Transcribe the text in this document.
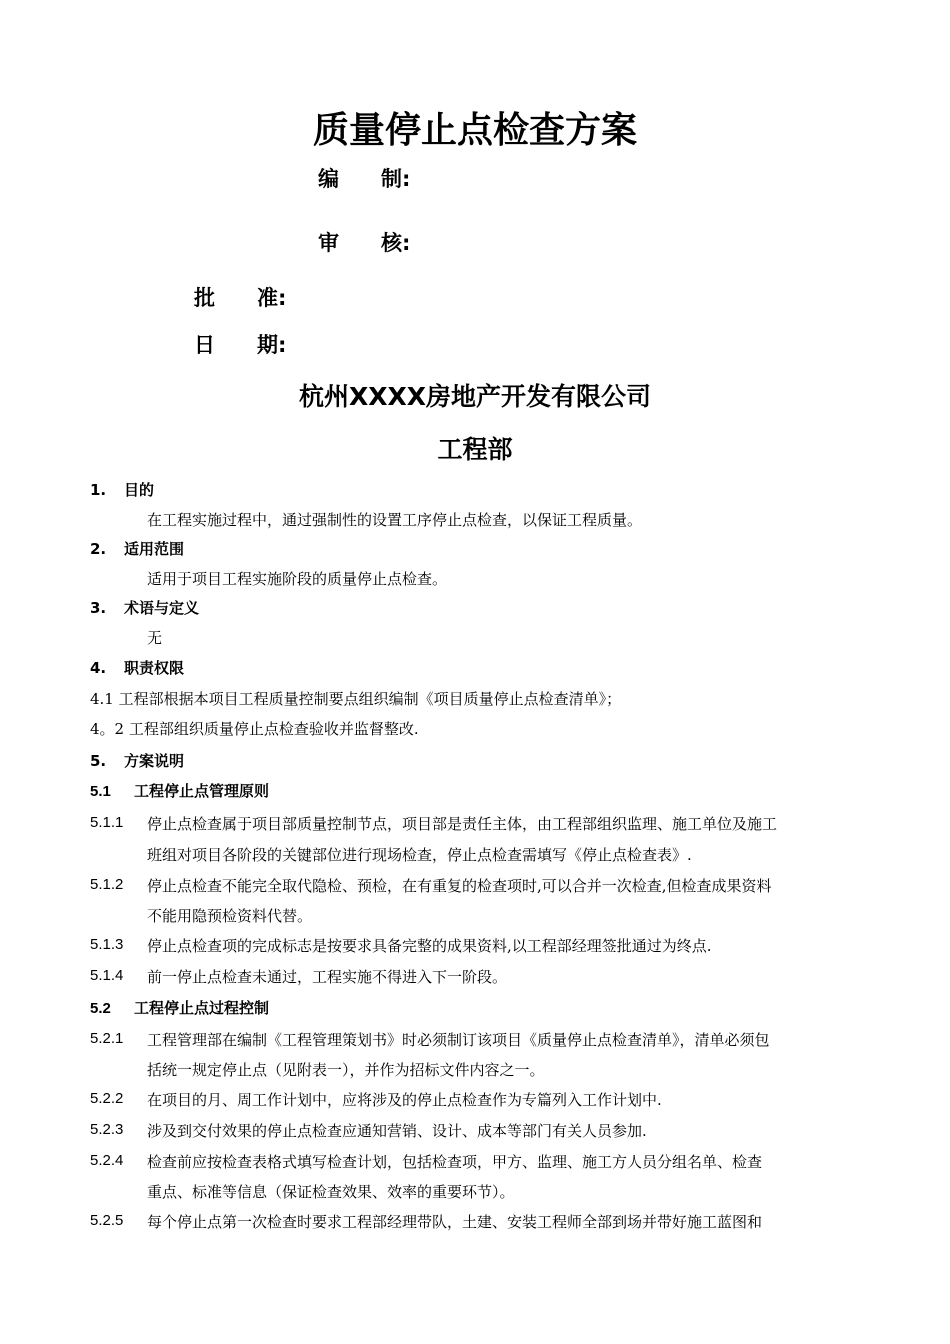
质量停止点检查方案
编　　制:
审　　核:
批　　准:
日　　期:
杭州XXXX房地产开发有限公司
工程部
1. 目的
在工程实施过程中，通过强制性的设置工序停止点检查，以保证工程质量。
2. 适用范围
适用于项目工程实施阶段的质量停止点检查。
3. 术语与定义
无
4. 职责权限
4.1 工程部根据本项目工程质量控制要点组织编制《项目质量停止点检查清单》；
4。2 工程部组织质量停止点检查验收并监督整改.
5. 方案说明
5.1 工程停止点管理原则
5.1.1 停止点检查属于项目部质量控制节点，项目部是责任主体，由工程部组织监理、施工单位及施工
班组对项目各阶段的关键部位进行现场检查，停止点检查需填写《停止点检查表》.
5.1.2 停止点检查不能完全取代隐检、预检，在有重复的检查项时,可以合并一次检查,但检查成果资料
不能用隐预检资料代替。
5.1.3 停止点检查项的完成标志是按要求具备完整的成果资料,以工程部经理签批通过为终点.
5.1.4 前一停止点检查未通过，工程实施不得进入下一阶段。
5.2 工程停止点过程控制
5.2.1 工程管理部在编制《工程管理策划书》时必须制订该项目《质量停止点检查清单》，清单必须包
括统一规定停止点（见附表一），并作为招标文件内容之一。
5.2.2 在项目的月、周工作计划中，应将涉及的停止点检查作为专篇列入工作计划中.
5.2.3 涉及到交付效果的停止点检查应通知营销、设计、成本等部门有关人员参加.
5.2.4 检查前应按检查表格式填写检查计划，包括检查项，甲方、监理、施工方人员分组名单、检查
重点、标准等信息（保证检查效果、效率的重要环节）。
5.2.5 每个停止点第一次检查时要求工程部经理带队，土建、安装工程师全部到场并带好施工蓝图和
